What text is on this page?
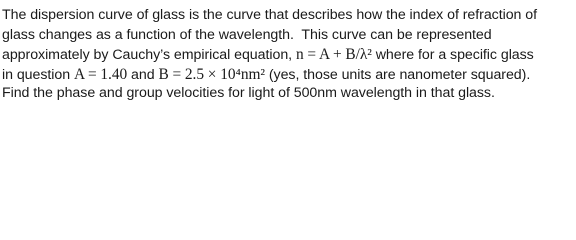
The dispersion curve of glass is the curve that describes how the index of refraction of
glass changes as a function of the wavelength.  This curve can be represented
approximately by Cauchy’s empirical equation, n = A + B/λ² where for a specific glass
in question A = 1.40 and B = 2.5 × 10⁴nm² (yes, those units are nanometer squared).
Find the phase and group velocities for light of 500nm wavelength in that glass.
